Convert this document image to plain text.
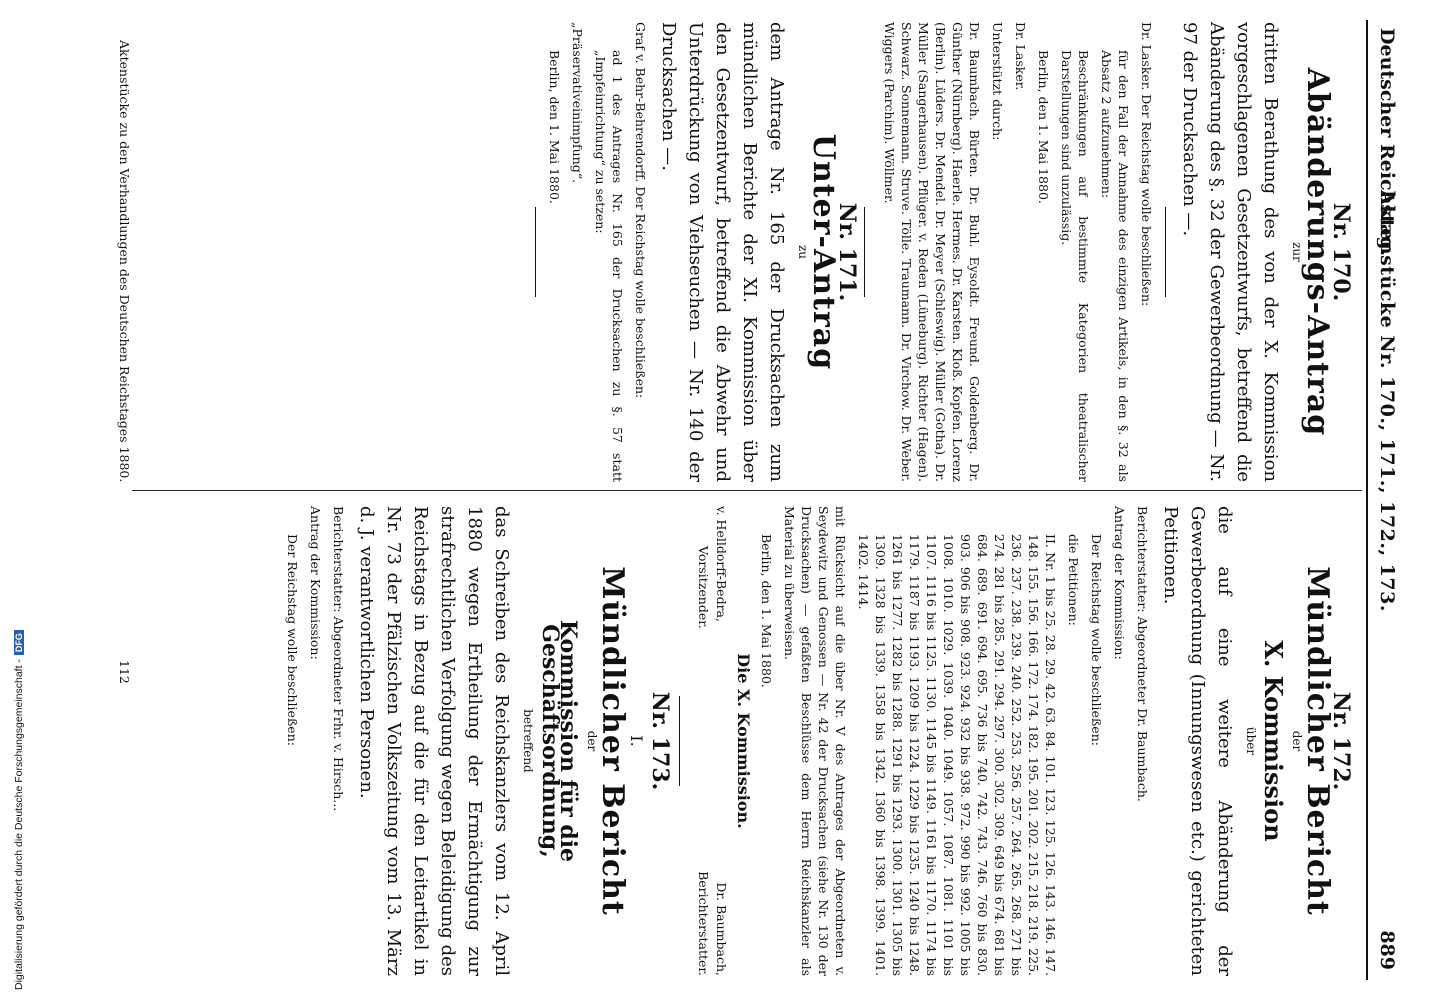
Deutscher Reichstag.
Aktenstücke Nr. 170., 171., 172., 173.
889
Nr. 170.
Abänderungs-Antrag
zur

dritten Berathung des von der X. Kommission vorgeschlagenen Gesetzentwurfs, betreffend die Abänderung des §. 32 der Gewerbeordnung — Nr. 97 der Drucksachen —.

Dr. Lasker. Der Reichstag wolle beschließen:

für den Fall der Annahme des einzigen Artikels, in den §. 32 als Absatz 2 aufzunehmen:

Beschränkungen auf bestimmte Kategorien theatralischer Darstellungen sind unzulässig.

Berlin, den 1. Mai 1880.

Dr. Lasker.

Unterstützt durch:

Dr. Baumbach. Bürten. Dr. Buhl. Eysoldt. Freund. Goldenberg. Dr. Günther (Nürnberg). Haerle. Hermes. Dr. Karsten. Kloß. Kopfen. Lorenz (Berlin). Lüders. Dr. Mendel. Dr. Meyer (Schleswig). Müller (Gotha). Dr. Müller (Sangerhausen). Pflüger. v. Reden (Lüneburg). Richter (Hagen). Schwarz. Sonnemann. Struve. Tölle. Traumann. Dr. Virchow. Dr. Weber. Wiggers (Parchim). Wöllmer.

Nr. 171.
Unter-Antrag
zu

dem Antrage Nr. 165 der Drucksachen zum mündlichen Berichte der XI. Kommission über den Gesetzentwurf, betreffend die Abwehr und Unterdrückung von Viehseuchen — Nr. 140 der Drucksachen —.

Graf v. Behr-Behrendorff. Der Reichstag wolle beschließen:

ad 1 des Antrages Nr. 165 der Drucksachen zu §. 57 statt „Impfeinrichtung“ zu setzen:

„Präservativeinimpfung“.

Berlin, den 1. Mai 1880.

Nr. 172.
Mündlicher Bericht
der
X. Kommission
über

die auf eine weitere Abänderung der Gewerbeordnung (Innungswesen etc.) gerichteten Petitionen.

Berichterstatter: Abgeordneter Dr. Baumbach.

Antrag der Kommission:

Der Reichstag wolle beschließen:

die Petitionen:

II. Nr. 1 bis 25. 28. 29. 42. 63. 84. 101. 123. 125. 126. 143. 146. 147. 148. 155. 156. 166. 172. 174. 182. 195. 201. 202. 215. 218. 219. 225. 236. 237. 238. 239. 240. 252. 253. 256. 257. 264. 265. 268. 271 bis 274. 281 bis 285. 291. 294. 297. 300. 302. 309. 649 bis 674. 681 bis 684. 689. 691. 694. 695. 736 bis 740. 742. 743. 746. 760 bis 830. 903. 906 bis 908. 923. 924. 932 bis 938. 972. 990 bis 992. 1005 bis 1008. 1010. 1029. 1039. 1040. 1049. 1057. 1087. 1081. 1101 bis 1107. 1116 bis 1125. 1130. 1145 bis 1149. 1161 bis 1170. 1174 bis 1179. 1187 bis 1193. 1209 bis 1224. 1229 bis 1235. 1240 bis 1248. 1261 bis 1277. 1282 bis 1288. 1291 bis 1293. 1300. 1301. 1305 bis 1309. 1328 bis 1339. 1358 bis 1342. 1360 bis 1398. 1399. 1401. 1402. 1414.

mit Rücksicht auf die über Nr. V des Antrages der Abgeordneten v. Seydewitz und Genossen — Nr. 42 der Drucksachen (siehe Nr. 130 der Drucksachen) — gefaßten Beschlüsse dem Herrn Reichskanzler als Material zu überweisen.

Berlin, den 1. Mai 1880.

Die X. Kommission.
v. Helldorff-Bedra,
Vorsitzender.
Dr. Baumbach,
Berichterstatter.
Nr. 173.
I.
Mündlicher Bericht
der
Kommission für die Geschäftsordnung,
betreffend

das Schreiben des Reichskanzlers vom 12. April 1880 wegen Ertheilung der Ermächtigung zur strafrechtlichen Verfolgung wegen Beleidigung des Reichstags in Bezug auf die für den Leitartikel in Nr. 73 der Pfälzischen Volkszeitung vom 13. März d. J. verantwortlichen Personen.

Berichterstatter: Abgeordneter Frhr. v. Hirsch...

Antrag der Kommission:

Der Reichstag wolle beschließen:

Aktenstücke zu den Verhandlungen des Deutschen Reichstages 1880.
112
Digitalisierung gefördert durch die Deutsche Forschungsgemeinschaft -DFG
